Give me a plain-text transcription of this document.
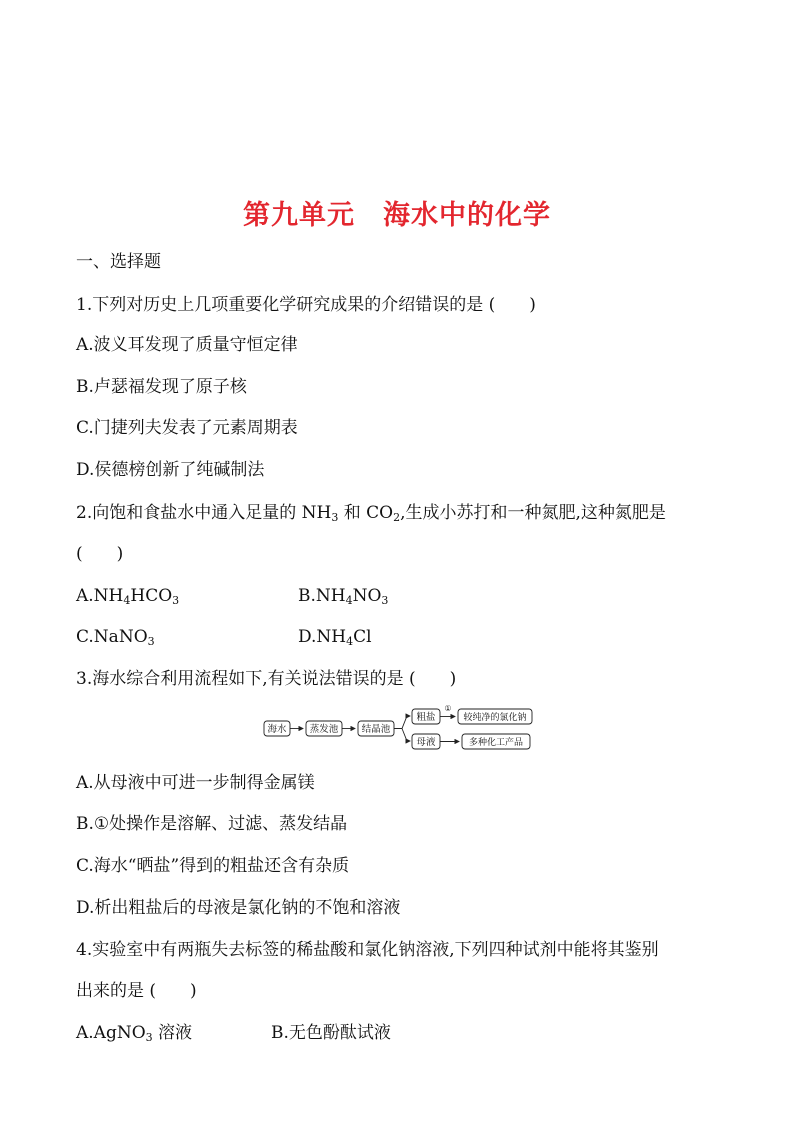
第九单元　海水中的化学
一、选择题
1.下列对历史上几项重要化学研究成果的介绍错误的是 (　　)
A.波义耳发现了质量守恒定律
B.卢瑟福发现了原子核
C.门捷列夫发表了元素周期表
D.侯德榜创新了纯碱制法
2.向饱和食盐水中通入足量的 $NH_3$ 和 $CO_2$,生成小苏打和一种氮肥,这种氮肥是
(　　)
$A.NH_4HCO_3$	$B.NH_4NO_3$
C.NaNO$_3$	$D.NH_4Cl$
3.海水综合利用流程如下,有关说法错误的是 (　　)
海水 蒸发池 结晶池
粗盐
①
较纯净的氯化钠
母液	多种化工产品
A.从母液中可进一步制得金属镁
B.①处操作是溶解、过滤、蒸发结晶
C.海水“晒盐”得到的粗盐还含有杂质
D.析出粗盐后的母液是氯化钠的不饱和溶液
4.实验室中有两瓶失去标签的稀盐酸和氯化钠溶液,下列四种试剂中能将其鉴别
出来的是 (　　)
A.AgNO$_3$ 溶液	B.无色酚酞试液
